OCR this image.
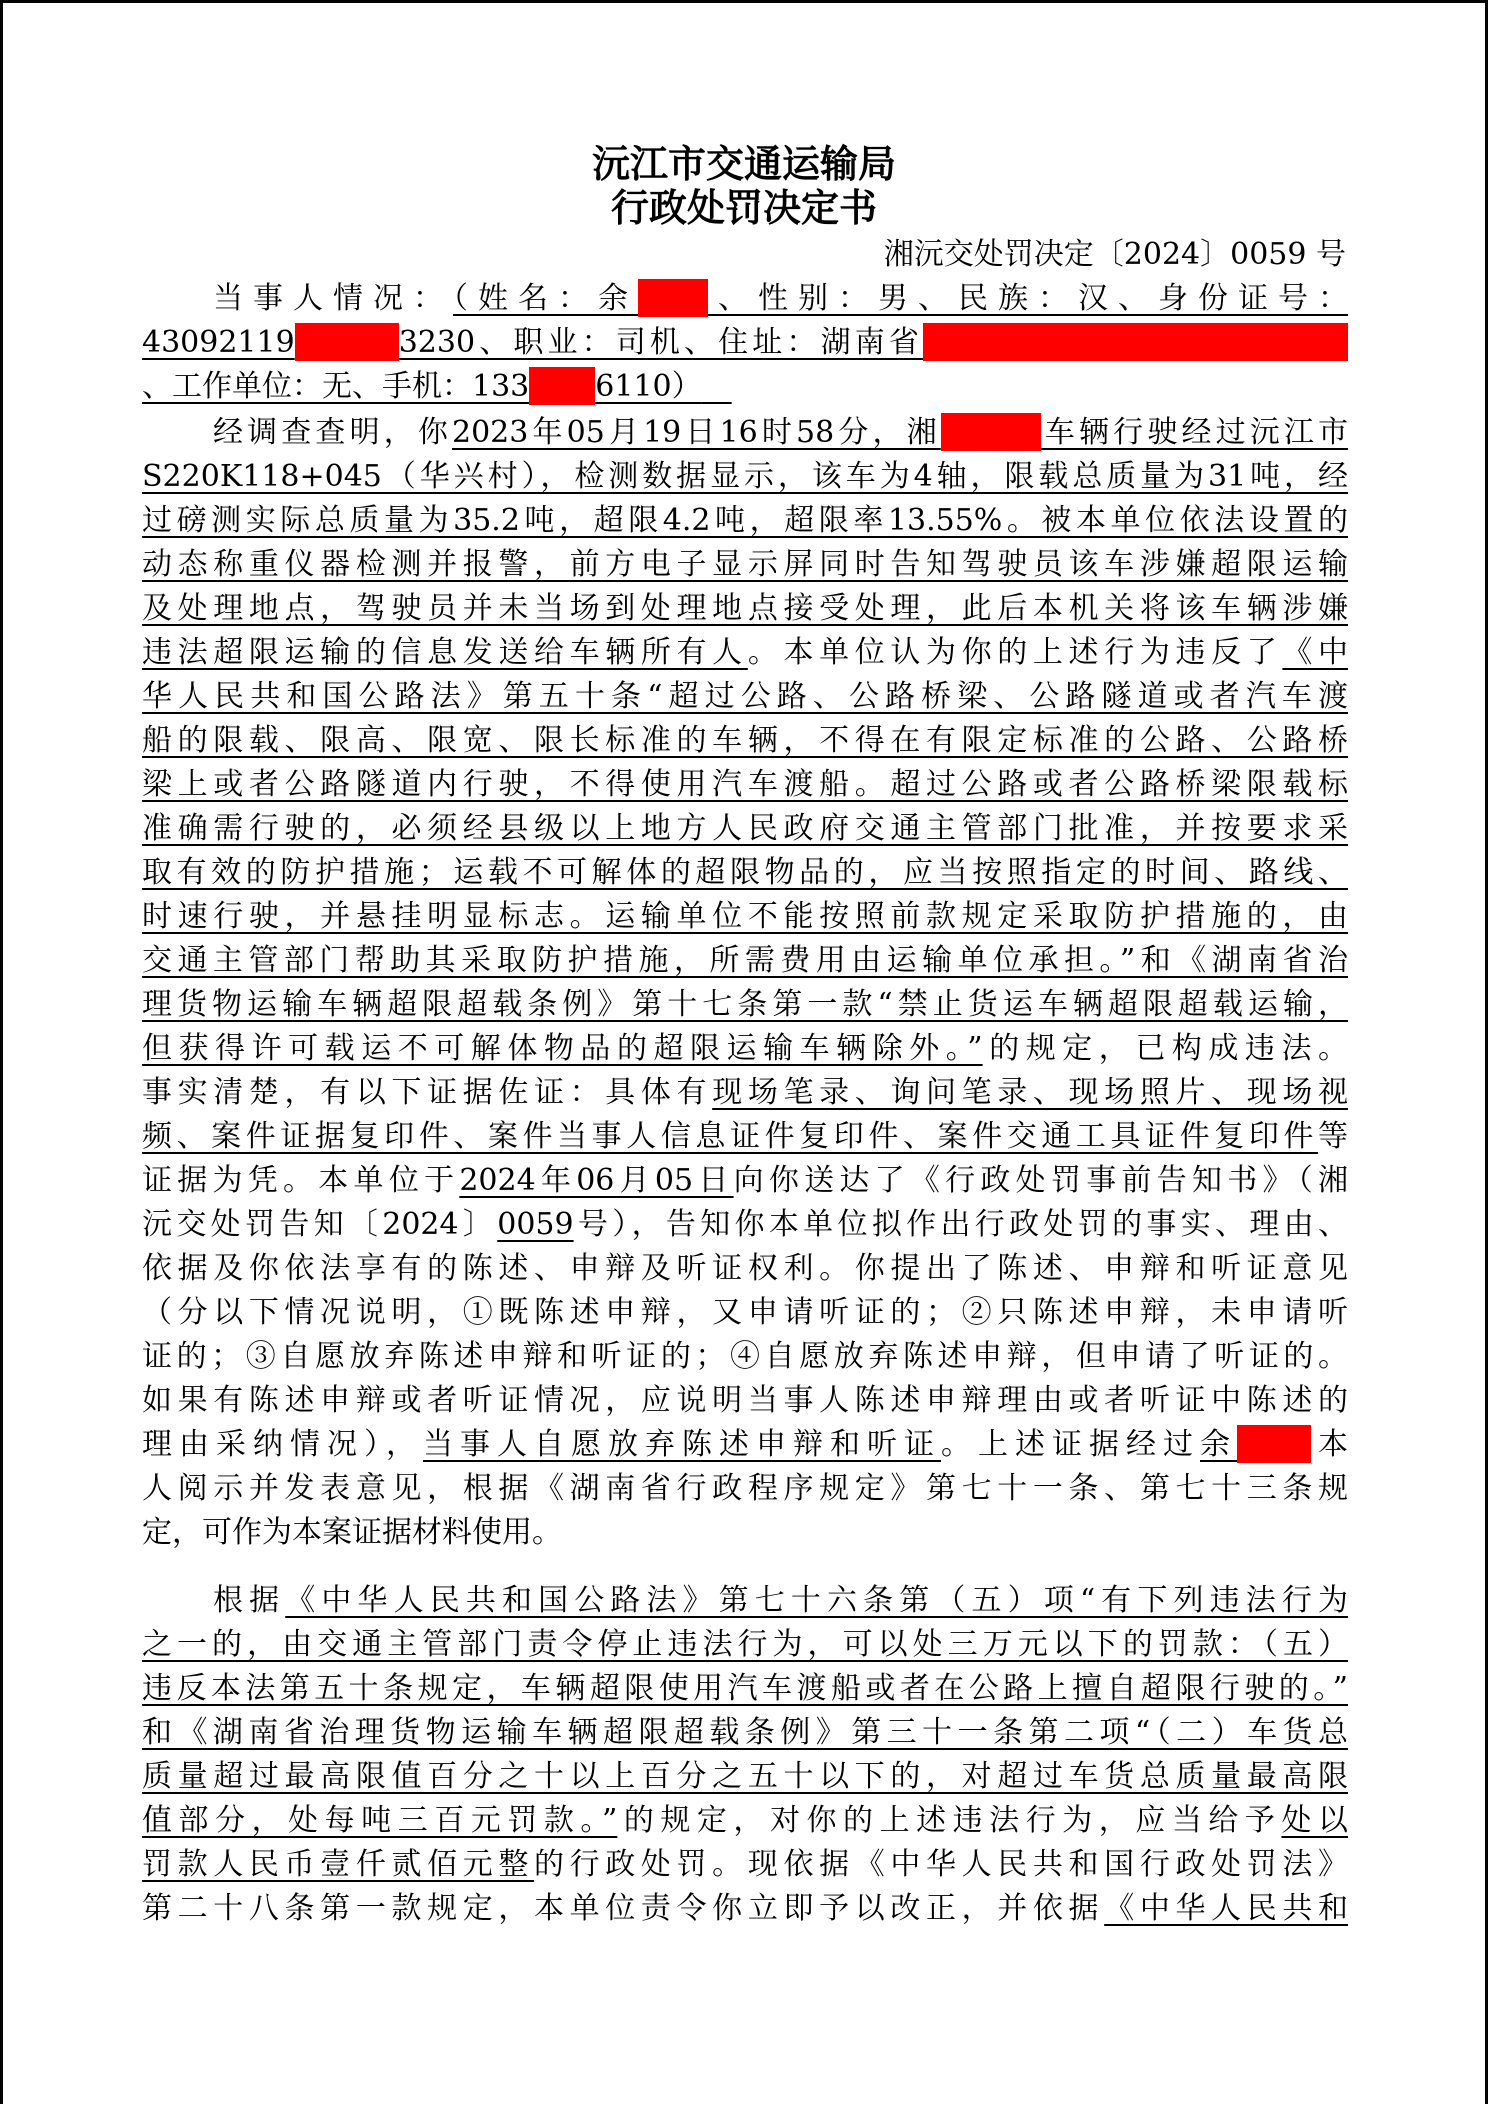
沅江市交通运输局
行政处罚决定书
湘沅交处罚决定〔2024〕0059 号
当事人情况：（姓名：余 、性别：男、民族：汉、身份证号：
43092119	3230、职业：司机、住址：湖南省
、工作单位：无、手机：133 6110） 
经调查查明，你2023年05月19日16时58分，湘	车辆行驶经过沅江市
S220K118+045（华兴村），检测数据显示，该车为4轴，限载总质量为31吨，经
过磅测实际总质量为35.2吨，超限4.2吨，超限率13.55%。被本单位依法设置的
动态称重仪器检测并报警，前方电子显示屏同时告知驾驶员该车涉嫌超限运输
及处理地点，驾驶员并未当场到处理地点接受处理，此后本机关将该车辆涉嫌
违法超限运输的信息发送给车辆所有人。本单位认为你的上述行为违反了《中
华人民共和国公路法》第五十条“超过公路、公路桥梁、公路隧道或者汽车渡
船的限载、限高、限宽、限长标准的车辆，不得在有限定标准的公路、公路桥
梁上或者公路隧道内行驶，不得使用汽车渡船。超过公路或者公路桥梁限载标
准确需行驶的，必须经县级以上地方人民政府交通主管部门批准，并按要求采
取有效的防护措施；运载不可解体的超限物品的，应当按照指定的时间、路线、
时速行驶，并悬挂明显标志。运输单位不能按照前款规定采取防护措施的，由
交通主管部门帮助其采取防护措施，所需费用由运输单位承担。”和《湖南省治
理货物运输车辆超限超载条例》第十七条第一款“禁止货运车辆超限超载运输，
但获得许可载运不可解体物品的超限运输车辆除外。”的规定，已构成违法。
事实清楚，有以下证据佐证：具体有现场笔录、询问笔录、现场照片、现场视
频、案件证据复印件、案件当事人信息证件复印件、案件交通工具证件复印件等
证据为凭。本单位于2024年06月05日向你送达了《行政处罚事前告知书》（湘
沅交处罚告知〔2024〕0059号），告知你本单位拟作出行政处罚的事实、理由、
依据及你依法享有的陈述、申辩及听证权利。你提出了陈述、申辩和听证意见
（分以下情况说明，①既陈述申辩，又申请听证的；②只陈述申辩，未申请听
证的；③自愿放弃陈述申辩和听证的；④自愿放弃陈述申辩，但申请了听证的。
如果有陈述申辩或者听证情况，应说明当事人陈述申辩理由或者听证中陈述的
理由采纳情况），当事人自愿放弃陈述申辩和听证。上述证据经过余 本
人阅示并发表意见，根据《湖南省行政程序规定》第七十一条、第七十三条规
定，可作为本案证据材料使用。
根据《中华人民共和国公路法》第七十六条第（五）项“有下列违法行为
之一的，由交通主管部门责令停止违法行为，可以处三万元以下的罚款：（五）
违反本法第五十条规定，车辆超限使用汽车渡船或者在公路上擅自超限行驶的。”
和《湖南省治理货物运输车辆超限超载条例》第三十一条第二项“（二）车货总
质量超过最高限值百分之十以上百分之五十以下的，对超过车货总质量最高限
值部分，处每吨三百元罚款。”的规定，对你的上述违法行为，应当给予处以
罚款人民币壹仟贰佰元整的行政处罚。现依据《中华人民共和国行政处罚法》
第二十八条第一款规定，本单位责令你立即予以改正，并依据《中华人民共和
